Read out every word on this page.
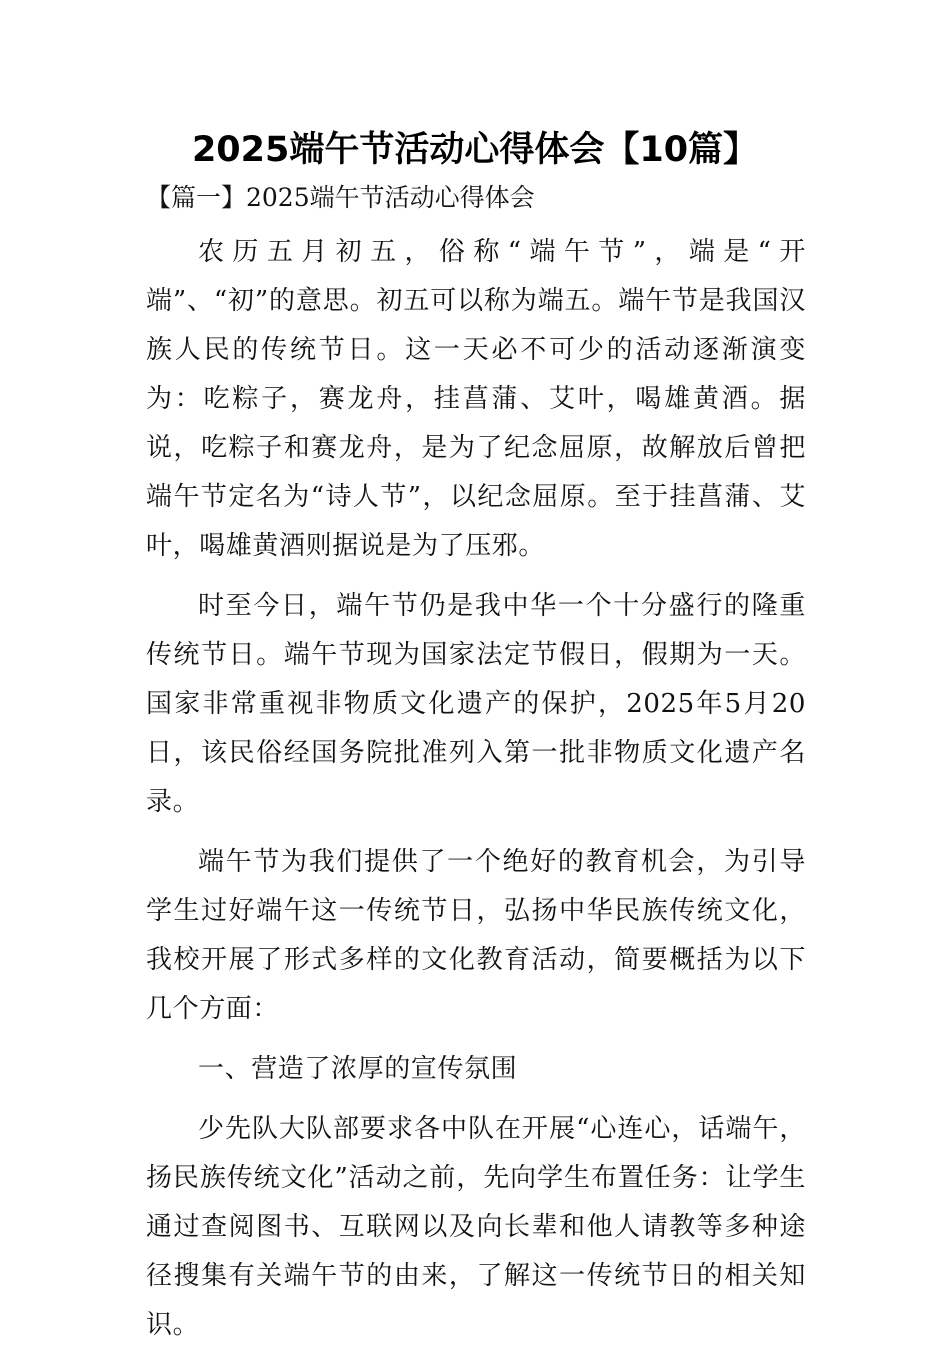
2025端午节活动心得体会【10篇】
【篇一】2025端午节活动心得体会

农历五月初五，俗称“端午节”，端是“开端”、“初”的意思。初五可以称为端五。端午节是我国汉族人民的传统节日。这一天必不可少的活动逐渐演变为：吃粽子，赛龙舟，挂菖蒲、艾叶，喝雄黄酒。据说，吃粽子和赛龙舟，是为了纪念屈原，故解放后曾把端午节定名为“诗人节”，以纪念屈原。至于挂菖蒲、艾叶，喝雄黄酒则据说是为了压邪。

时至今日，端午节仍是我中华一个十分盛行的隆重传统节日。端午节现为国家法定节假日，假期为一天。国家非常重视非物质文化遗产的保护，2025年5月20日，该民俗经国务院批准列入第一批非物质文化遗产名录。

端午节为我们提供了一个绝好的教育机会，为引导学生过好端午这一传统节日，弘扬中华民族传统文化，我校开展了形式多样的文化教育活动，简要概括为以下几个方面：

一、营造了浓厚的宣传氛围

少先队大队部要求各中队在开展“心连心，话端午，扬民族传统文化”活动之前，先向学生布置任务：让学生通过查阅图书、互联网以及向长辈和他人请教等多种途径搜集有关端午节的由来，了解这一传统节日的相关知识。
